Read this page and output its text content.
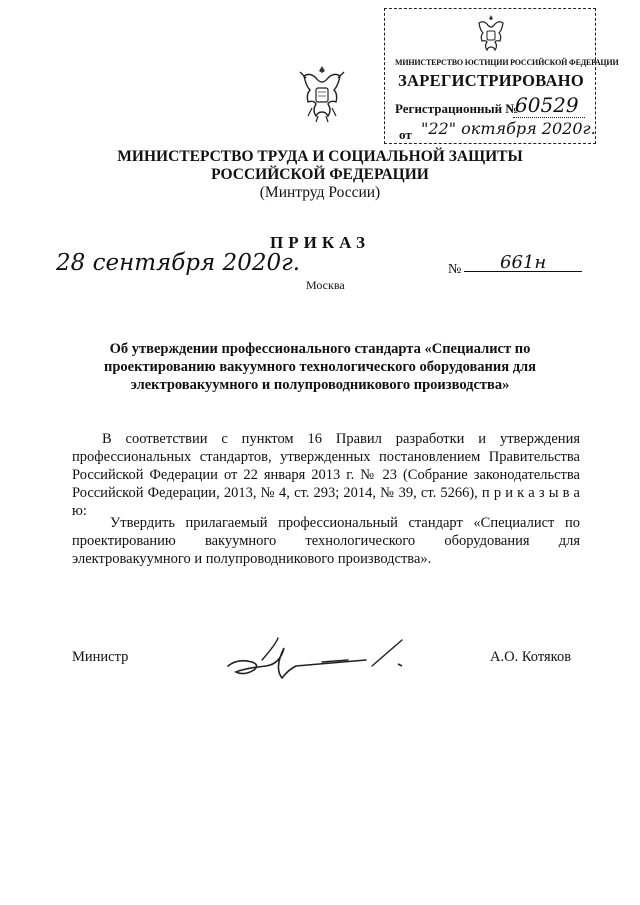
МИНИСТЕРСТВО ЮСТИЦИИ РОССИЙСКОЙ ФЕДЕРАЦИИ
ЗАРЕГИСТРИРОВАНО
Регистрационный №
60529
от "22" октября 2020г.
МИНИСТЕРСТВО ТРУДА И СОЦИАЛЬНОЙ ЗАЩИТЫ
РОССИЙСКОЙ ФЕДЕРАЦИИ
(Минтруд России)
ПРИКАЗ
28 сентября 2020г.	№ 661н
Москва
Об утверждении профессионального стандарта «Специалист по проектированию вакуумного технологического оборудования для электровакуумного и полупроводникового производства»
В соответствии с пунктом 16 Правил разработки и утверждения профессиональных стандартов, утвержденных постановлением Правительства Российской Федерации от 22 января 2013 г. № 23 (Собрание законодательства Российской Федерации, 2013, № 4, ст. 293; 2014, № 39, ст. 5266), п р и к а з ы в а ю:
Утвердить прилагаемый профессиональный стандарт «Специалист по проектированию вакуумного технологического оборудования для электровакуумного и полупроводникового производства».
Министр	А.О. Котяков
